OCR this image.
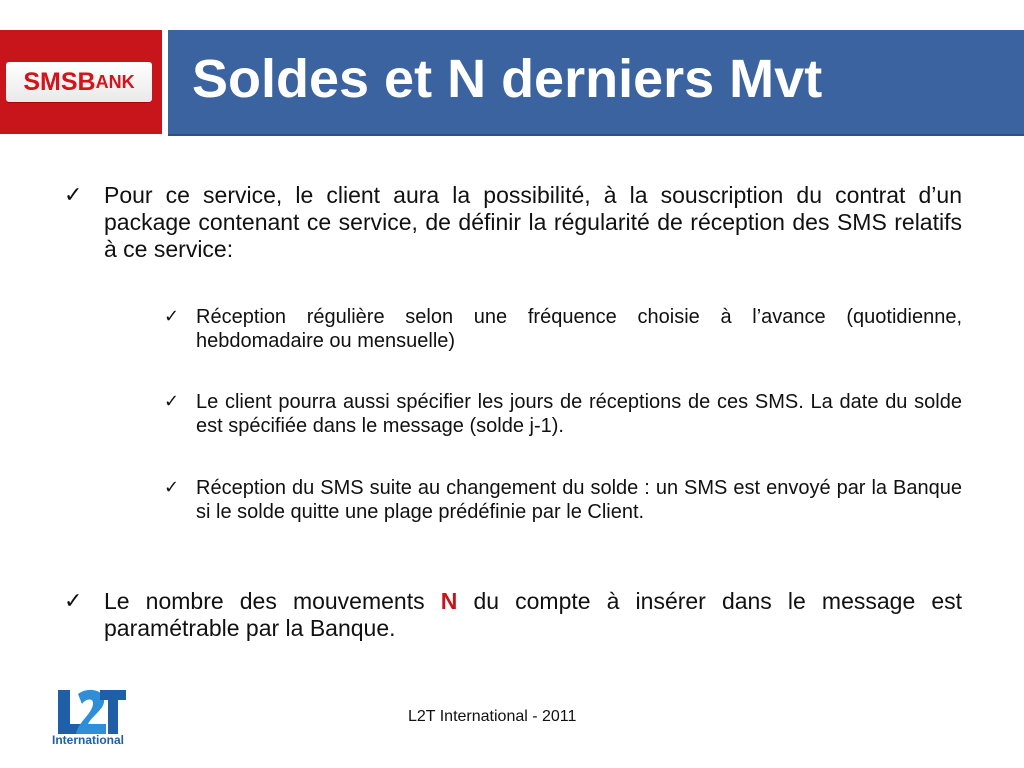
SMSB ANK Soldes et N derniers Mvt
✓ Pour ce service, le client aura la possibilité, à la souscription du contrat d’un package contenant ce service, de définir la régularité de réception des SMS relatifs à ce service:
✓ Réception régulière selon une fréquence choisie à l’avance (quotidienne, hebdomadaire ou mensuelle)
✓ Le client pourra aussi spécifier les jours de réceptions de ces SMS. La date du solde est spécifiée dans le message (solde j-1).
✓ Réception du SMS suite au changement du solde : un SMS est envoyé par la Banque si le solde quitte une plage prédéfinie par le Client.
✓ Le nombre des mouvements N du compte à insérer dans le message est paramétrable par la Banque.
International
L2T International - 2011
